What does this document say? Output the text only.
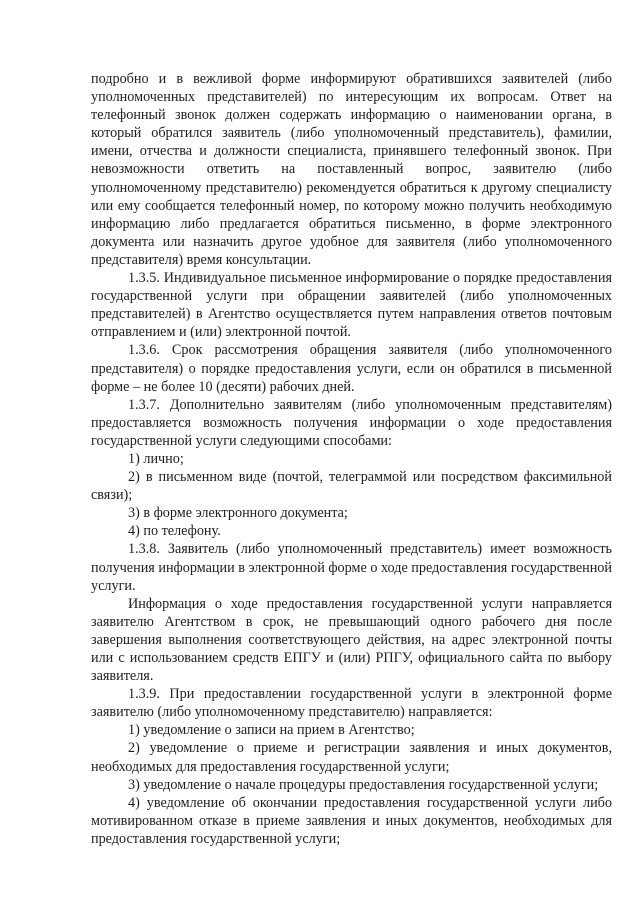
подробно и в вежливой форме информируют обратившихся заявителей (либо уполномоченных представителей) по интересующим их вопросам. Ответ на телефонный звонок должен содержать информацию о наименовании органа, в который обратился заявитель (либо уполномоченный представитель), фамилии, имени, отчества и должности специалиста, принявшего телефонный звонок. При невозможности ответить на поставленный вопрос, заявителю (либо уполномоченному представителю) рекомендуется обратиться к другому специалисту или ему сообщается телефонный номер, по которому можно получить необходимую информацию либо предлагается обратиться письменно, в форме электронного документа или назначить другое удобное для заявителя (либо уполномоченного представителя) время консультации.

1.3.5. Индивидуальное письменное информирование о порядке предоставления государственной услуги при обращении заявителей (либо уполномоченных представителей) в Агентство осуществляется путем направления ответов почтовым отправлением и (или) электронной почтой.

1.3.6. Срок рассмотрения обращения заявителя (либо уполномоченного представителя) о порядке предоставления услуги, если он обратился в письменной форме – не более 10 (десяти) рабочих дней.

1.3.7. Дополнительно заявителям (либо уполномоченным представителям) предоставляется возможность получения информации о ходе предоставления государственной услуги следующими способами:

1) лично;

2) в письменном виде (почтой, телеграммой или посредством факсимильной связи);

3) в форме электронного документа;

4) по телефону.

1.3.8. Заявитель (либо уполномоченный представитель) имеет возможность получения информации в электронной форме о ходе предоставления государственной услуги.

Информация о ходе предоставления государственной услуги направляется заявителю Агентством в срок, не превышающий одного рабочего дня после завершения выполнения соответствующего действия, на адрес электронной почты или с использованием средств ЕПГУ и (или) РПГУ, официального сайта по выбору заявителя.

1.3.9. При предоставлении государственной услуги в электронной форме заявителю (либо уполномоченному представителю) направляется:

1) уведомление о записи на прием в Агентство;

2) уведомление о приеме и регистрации заявления и иных документов, необходимых для предоставления государственной услуги;

3) уведомление о начале процедуры предоставления государственной услуги;

4) уведомление об окончании предоставления государственной услуги либо мотивированном отказе в приеме заявления и иных документов, необходимых для предоставления государственной услуги;
